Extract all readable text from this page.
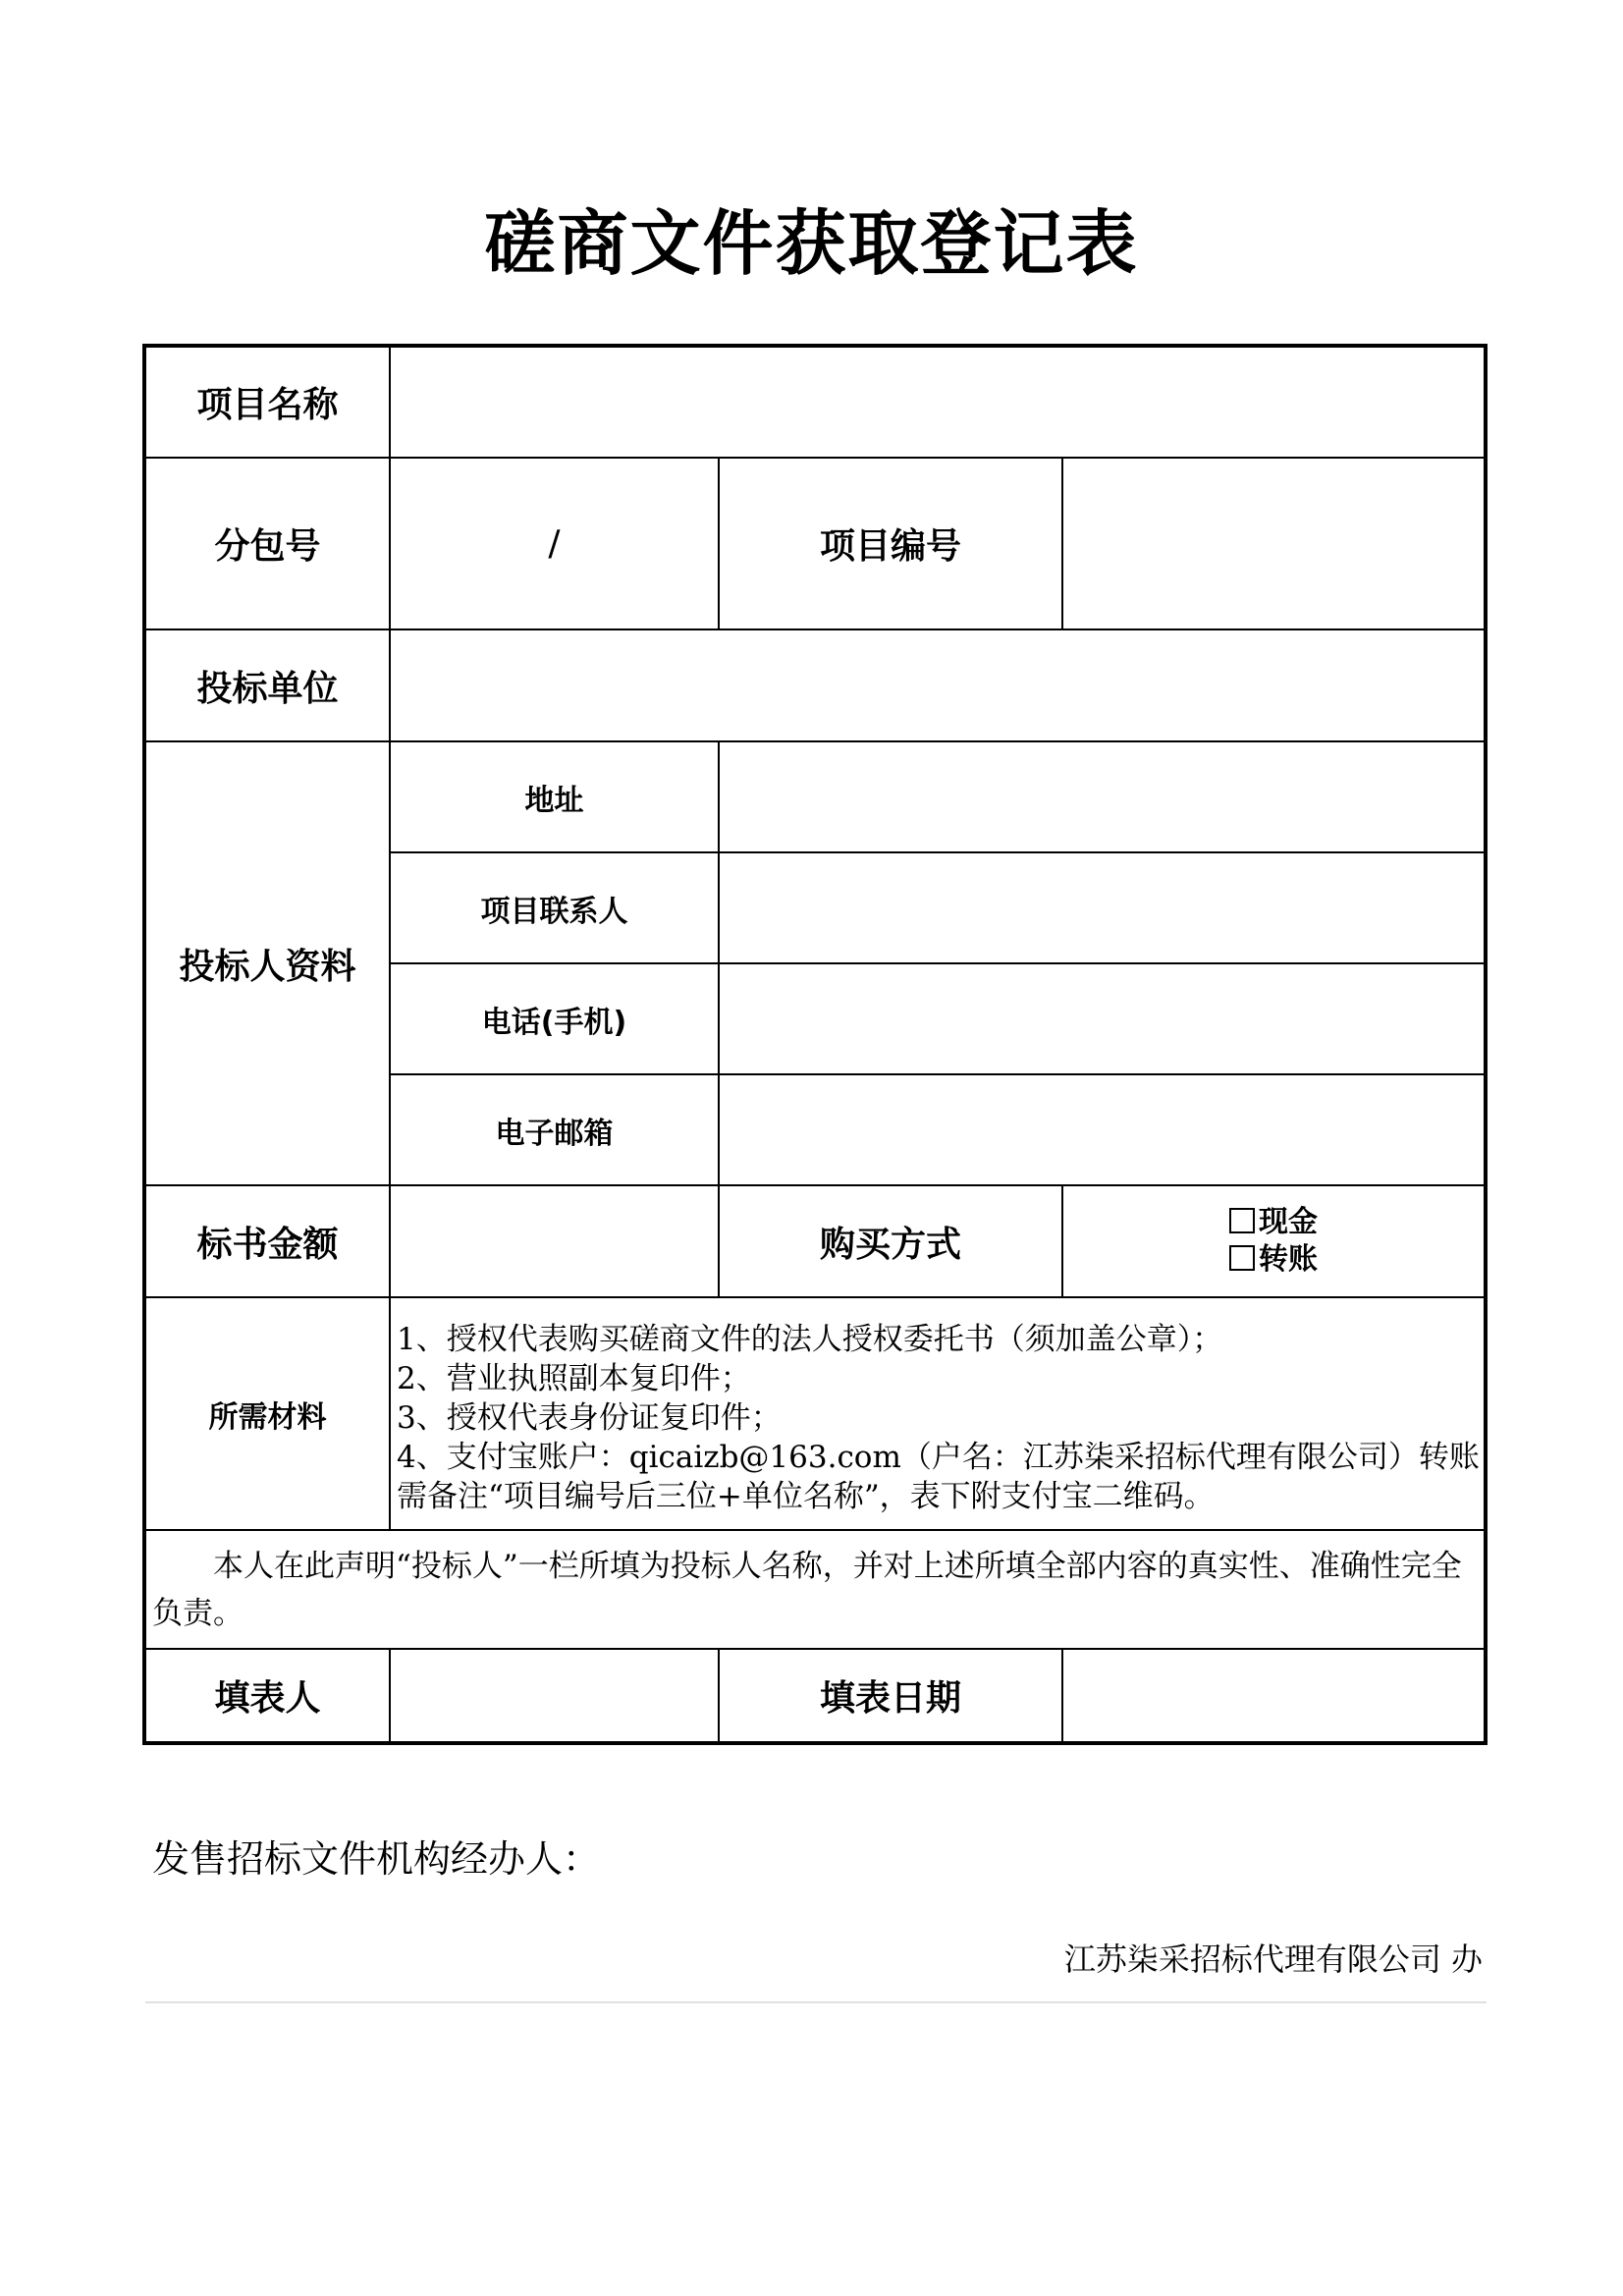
磋商文件获取登记表
项目名称			
分包号	/	项目编号	
投标单位			
投标人资料	地址		
	项目联系人		
	电话(手机)		
	电子邮箱		
标书金额		购买方式	现金
转账

所需材料	1、授权代表购买磋商文件的法人授权委托书（须加盖公章）；
2、营业执照副本复印件；
3、授权代表身份证复印件；
4、支付宝账户：qicaizb@163.com（户名：江苏柒采招标代理有限公司）转账
需备注“项目编号后三位+单位名称”，表下附支付宝二维码。		

　　本人在此声明“投标人”一栏所填为投标人名称，并对上述所填全部内容的真实性、准确性完全负责。			
填表人		填表日期	
发售招标文件机构经办人：
江苏柒采招标代理有限公司 办
